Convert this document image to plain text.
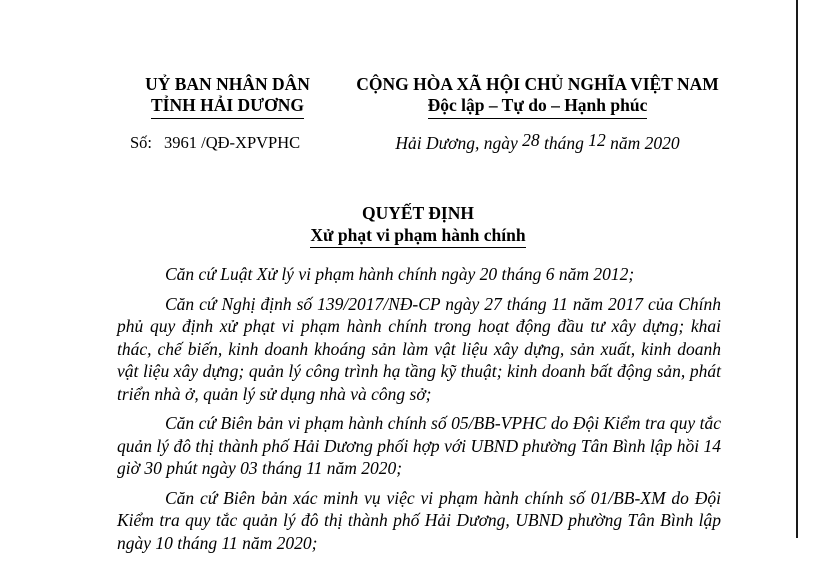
UỶ BAN NHÂN DÂN
TỈNH HẢI DƯƠNG
CỘNG HÒA XÃ HỘI CHỦ NGHĨA VIỆT NAM
Độc lập – Tự do – Hạnh phúc
Số: 3961 /QĐ-XPVPHC	Hải Dương, ngày 28 tháng 12 năm 2020
QUYẾT ĐỊNH
Xử phạt vi phạm hành chính

Căn cứ Luật Xử lý vi phạm hành chính ngày 20 tháng 6 năm 2012;

Căn cứ Nghị định số 139/2017/NĐ-CP ngày 27 tháng 11 năm 2017 của Chính phủ quy định xử phạt vi phạm hành chính trong hoạt động đầu tư xây dựng; khai thác, chế biến, kinh doanh khoáng sản làm vật liệu xây dựng, sản xuất, kinh doanh vật liệu xây dựng; quản lý công trình hạ tầng kỹ thuật; kinh doanh bất động sản, phát triển nhà ở, quản lý sử dụng nhà và công sở;

Căn cứ Biên bản vi phạm hành chính số 05/BB-VPHC do Đội Kiểm tra quy tắc quản lý đô thị thành phố Hải Dương phối hợp với UBND phường Tân Bình lập hồi 14 giờ 30 phút ngày 03 tháng 11 năm 2020;

Căn cứ Biên bản xác minh vụ việc vi phạm hành chính số 01/BB-XM do Đội Kiểm tra quy tắc quản lý đô thị thành phố Hải Dương, UBND phường Tân Bình lập ngày 10 tháng 11 năm 2020;
